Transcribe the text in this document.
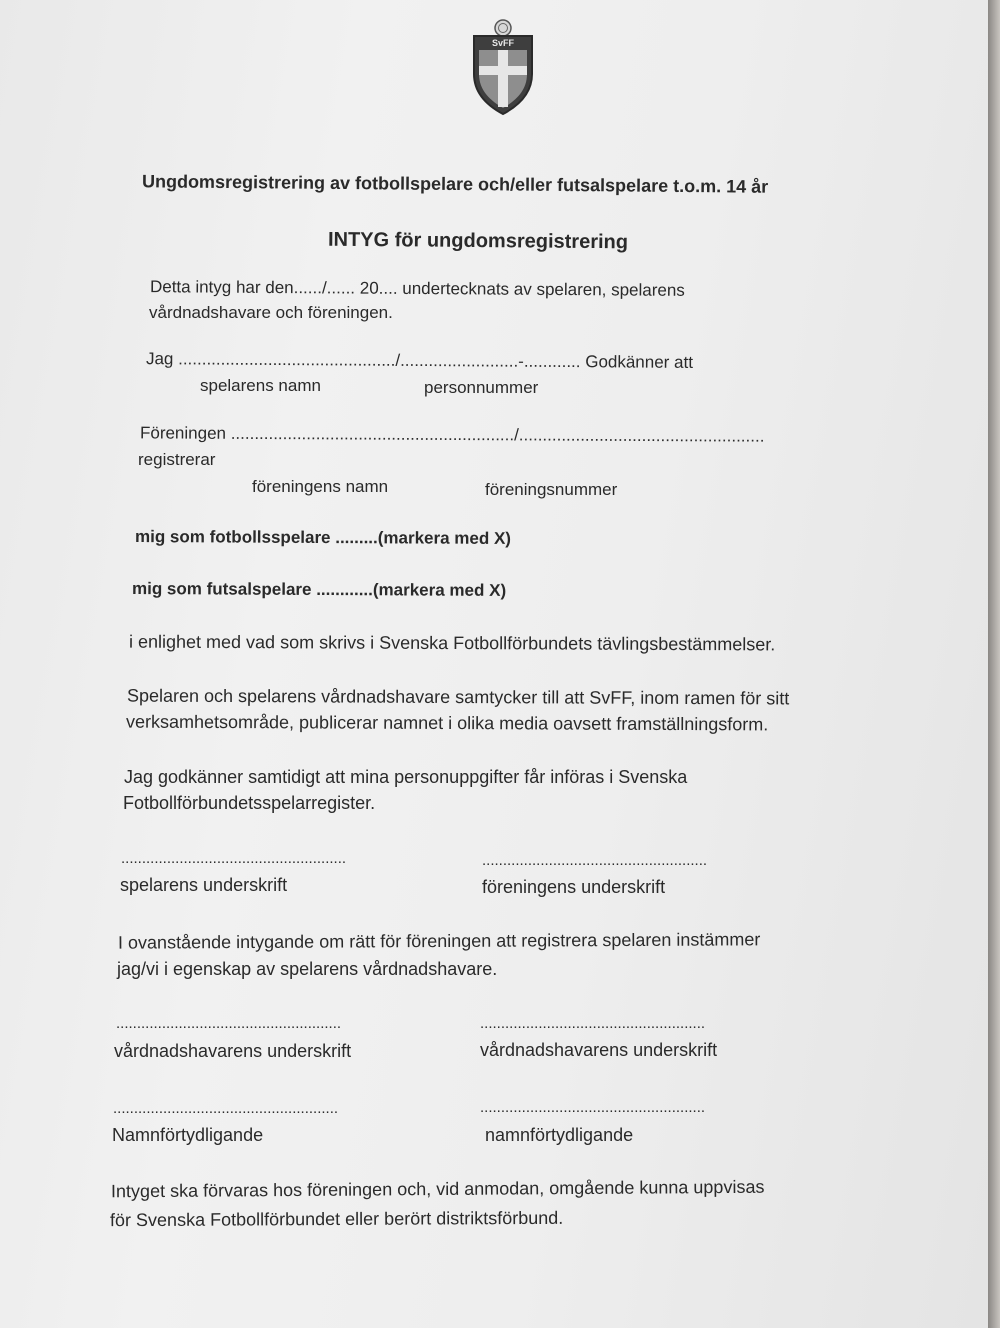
SvFF
Ungdomsregistrering av fotbollspelare och/eller futsalspelare t.o.m. 14 år
INTYG för ungdomsregistrering
Detta intyg har den....../...... 20.... undertecknats av spelaren, spelarens
vårdnadshavare och föreningen.
Jag ............................................../.........................-............ Godkänner att
spelarens namn	personnummer
Föreningen ............................................................/....................................................
registrerar
föreningens namn	föreningsnummer
mig som fotbollsspelare .........(markera med X)
mig som futsalspelare ............(markera med X)
i enlighet med vad som skrivs i Svenska Fotbollförbundets tävlingsbestämmelser.
Spelaren och spelarens vårdnadshavare samtycker till att SvFF, inom ramen för sitt
verksamhetsområde, publicerar namnet i olika media oavsett framställningsform.
Jag godkänner samtidigt att mina personuppgifter får införas i Svenska
Fotbollförbundetsspelarregister.
......................................................	......................................................
spelarens underskrift	föreningens underskrift
I ovanstående intygande om rätt för föreningen att registrera spelaren instämmer
jag/vi i egenskap av spelarens vårdnadshavare.
......................................................	......................................................
vårdnadshavarens underskrift	vårdnadshavarens underskrift
......................................................	......................................................
Namnförtydligande	namnförtydligande
Intyget ska förvaras hos föreningen och, vid anmodan, omgående kunna uppvisas
för Svenska Fotbollförbundet eller berört distriktsförbund.
